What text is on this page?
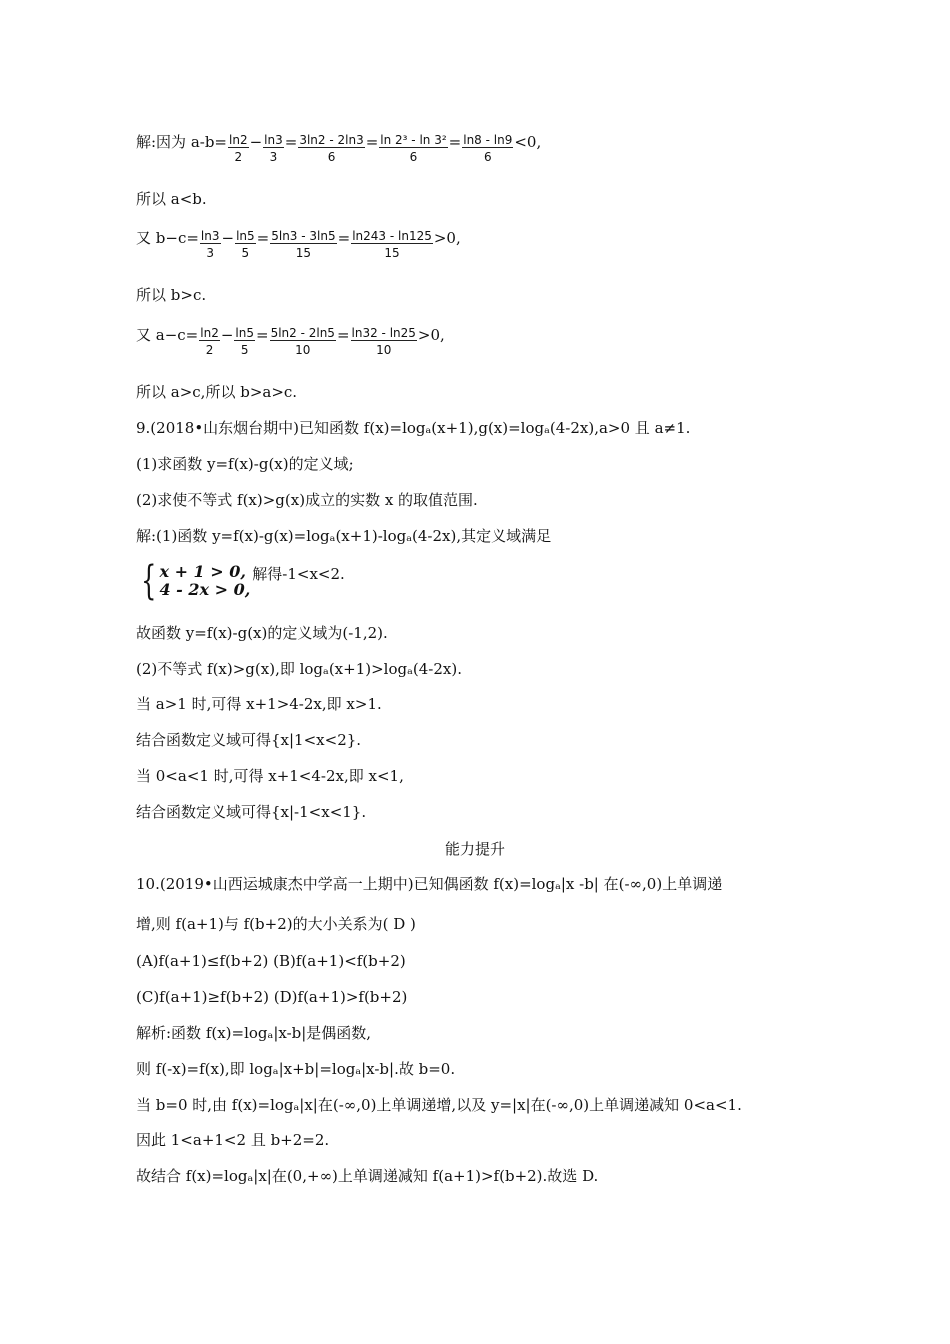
解:因为 $a-b= \frac{\ln 2}{2} - \frac{\ln 3}{3} = \frac{3\ln 2 - 2\ln 3}{6} = \frac{\text{ln 2³ - ln 3²}}{6} = \frac{\ln 8 - \ln 9}{6} <0$,
所以 a<b.
又 $b-c= \frac{\ln 3}{3} - \frac{\ln 5}{5} = \frac{5\ln 3 - 3\ln 5}{15} = \frac{\ln 243 - \ln 125}{15} >0$,
所以 b>c.
又 $a-c= \frac{\ln 2}{2} - \frac{\ln 5}{5} = \frac{5\ln 2 - 2\ln 5}{10} = \frac{\ln 32 - \ln 25}{10} >0$,
所以 a>c,所以 b>a>c.
9.(2018•山东烟台期中)已知函数 f(x)=logₐ(x+1),g(x)=logₐ(4-2x),a>0 且 a≠1.
(1)求函数 y=f(x)-g(x)的定义域;
(2)求使不等式 f(x)>g(x)成立的实数 x 的取值范围.
解:(1)函数 y=f(x)-g(x)=logₐ(x+1)-logₐ(4-2x),其定义域满足
{ x + 1 > 0,
4 - 2x > 0,
解得-1<x<2.
故函数 y=f(x)-g(x)的定义域为(-1,2).
(2)不等式 f(x)>g(x),即 logₐ(x+1)>logₐ(4-2x).
当 a>1 时,可得 x+1>4-2x,即 x>1.
结合函数定义域可得{x|1<x<2}.
当 0<a<1 时,可得 x+1<4-2x,即 x<1,
结合函数定义域可得{x|-1<x<1}.
能力提升
10.(2019•山西运城康杰中学高一上期中)已知偶函数 f(x)=logₐ|x -b| 在(-∞,0)上单调递
增,则 f(a+1)与 f(b+2)的大小关系为( D )
(A)f(a+1)≤f(b+2) (B)f(a+1)<f(b+2)
(C)f(a+1)≥f(b+2) (D)f(a+1)>f(b+2)
解析:函数 f(x)=logₐ|x-b|是偶函数,
则 f(-x)=f(x),即 logₐ|x+b|=logₐ|x-b|.故 b=0.
当 b=0 时,由 f(x)=logₐ|x|在(-∞,0)上单调递增,以及 y=|x|在(-∞,0)上单调递减知 0<a<1.
因此 1<a+1<2 且 b+2=2.
故结合 f(x)=logₐ|x|在(0,+∞)上单调递减知 f(a+1)>f(b+2).故选 D.
